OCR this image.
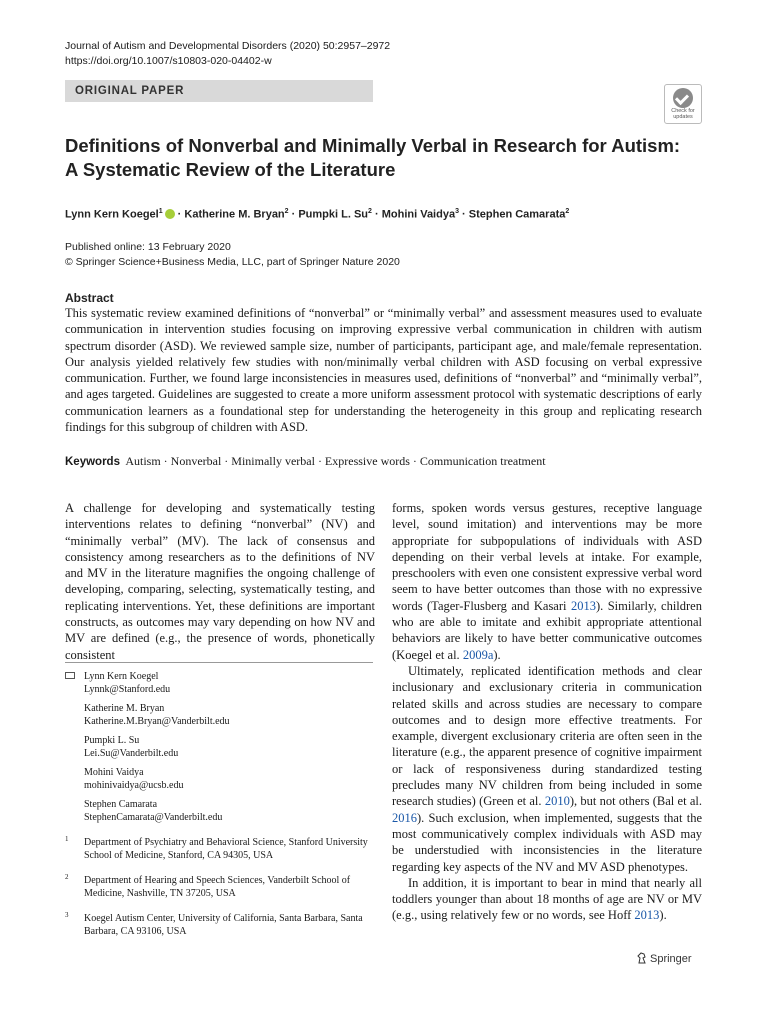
Journal of Autism and Developmental Disorders (2020) 50:2957–2972
https://doi.org/10.1007/s10803-020-04402-w
ORIGINAL PAPER
Check for
updates
Definitions of Nonverbal and Minimally Verbal in Research for Autism:
A Systematic Review of the Literature
Lynn Kern Koegel$^1$ · Katherine M. Bryan$^2$ · Pumpki L. $Su^2$ · Mohini Vaidya$^3$ · Stephen Camarata$^2$
Published online: 13 February 2020
© Springer Science+Business Media, LLC, part of Springer Nature 2020
Abstract

This systematic review examined definitions of “nonverbal” or “minimally verbal” and assessment measures used to evaluate communication in intervention studies focusing on improving expressive verbal communication in children with autism spectrum disorder (ASD). We reviewed sample size, number of participants, participant age, and male/female representation. Our analysis yielded relatively few studies with non/minimally verbal children with ASD focusing on verbal expressive communication. Further, we found large inconsistencies in measures used, definitions of “nonverbal” and “minimally verbal”, and ages targeted. Guidelines are suggested to create a more uniform assessment protocol with systematic descriptions of early communication learners as a foundational step for understanding the heterogeneity in this group and replicating research findings for this subgroup of children with ASD.

Keywords Autism · Nonverbal · Minimally verbal · Expressive words · Communication treatment

A challenge for developing and systematically testing interventions relates to defining “nonverbal” (NV) and “minimally verbal” (MV). The lack of consensus and consistency among researchers as to the definitions of NV and MV in the literature magnifies the ongoing challenge of developing, comparing, selecting, systematically testing, and replicating interventions. Yet, these definitions are important constructs, as outcomes may vary depending on how NV and MV are defined (e.g., the presence of words, phonetically consistent

Lynn Kern Koegel
Lynnk@Stanford.edu
Katherine M. Bryan
Katherine.M.Bryan@Vanderbilt.edu
Pumpki L. Su
Lei.Su@Vanderbilt.edu
Mohini Vaidya
mohinivaidya@ucsb.edu
Stephen Camarata
StephenCamarata@Vanderbilt.edu
1 Department of Psychiatry and Behavioral Science, Stanford University School of Medicine, Stanford, CA 94305, USA
2 Department of Hearing and Speech Sciences, Vanderbilt School of Medicine, Nashville, TN 37205, USA
3 Koegel Autism Center, University of California, Santa Barbara, Santa Barbara, CA 93106, USA

forms, spoken words versus gestures, receptive language level, sound imitation) and interventions may be more appropriate for subpopulations of individuals with ASD depending on their verbal levels at intake. For example, preschoolers with even one consistent expressive verbal word seem to have better outcomes than those with no expressive words (Tager-Flusberg and Kasari 2013). Similarly, children who are able to imitate and exhibit appropriate attentional behaviors are likely to have better communicative outcomes (Koegel et al. 2009a).

Ultimately, replicated identification methods and clear inclusionary and exclusionary criteria in communication related skills and across studies are necessary to compare outcomes and to design more effective treatments. For example, divergent exclusionary criteria are often seen in the literature (e.g., the apparent presence of cognitive impairment or lack of responsiveness during standardized testing precludes many NV children from being included in some research studies) (Green et al. 2010), but not others (Bal et al. 2016). Such exclusion, when implemented, suggests that the most communicatively complex individuals with ASD may be understudied with inconsistencies in the literature regarding key aspects of the NV and MV ASD phenotypes.

In addition, it is important to bear in mind that nearly all toddlers younger than about 18 months of age are NV or MV (e.g., using relatively few or no words, see Hoff 2013).

Springer
